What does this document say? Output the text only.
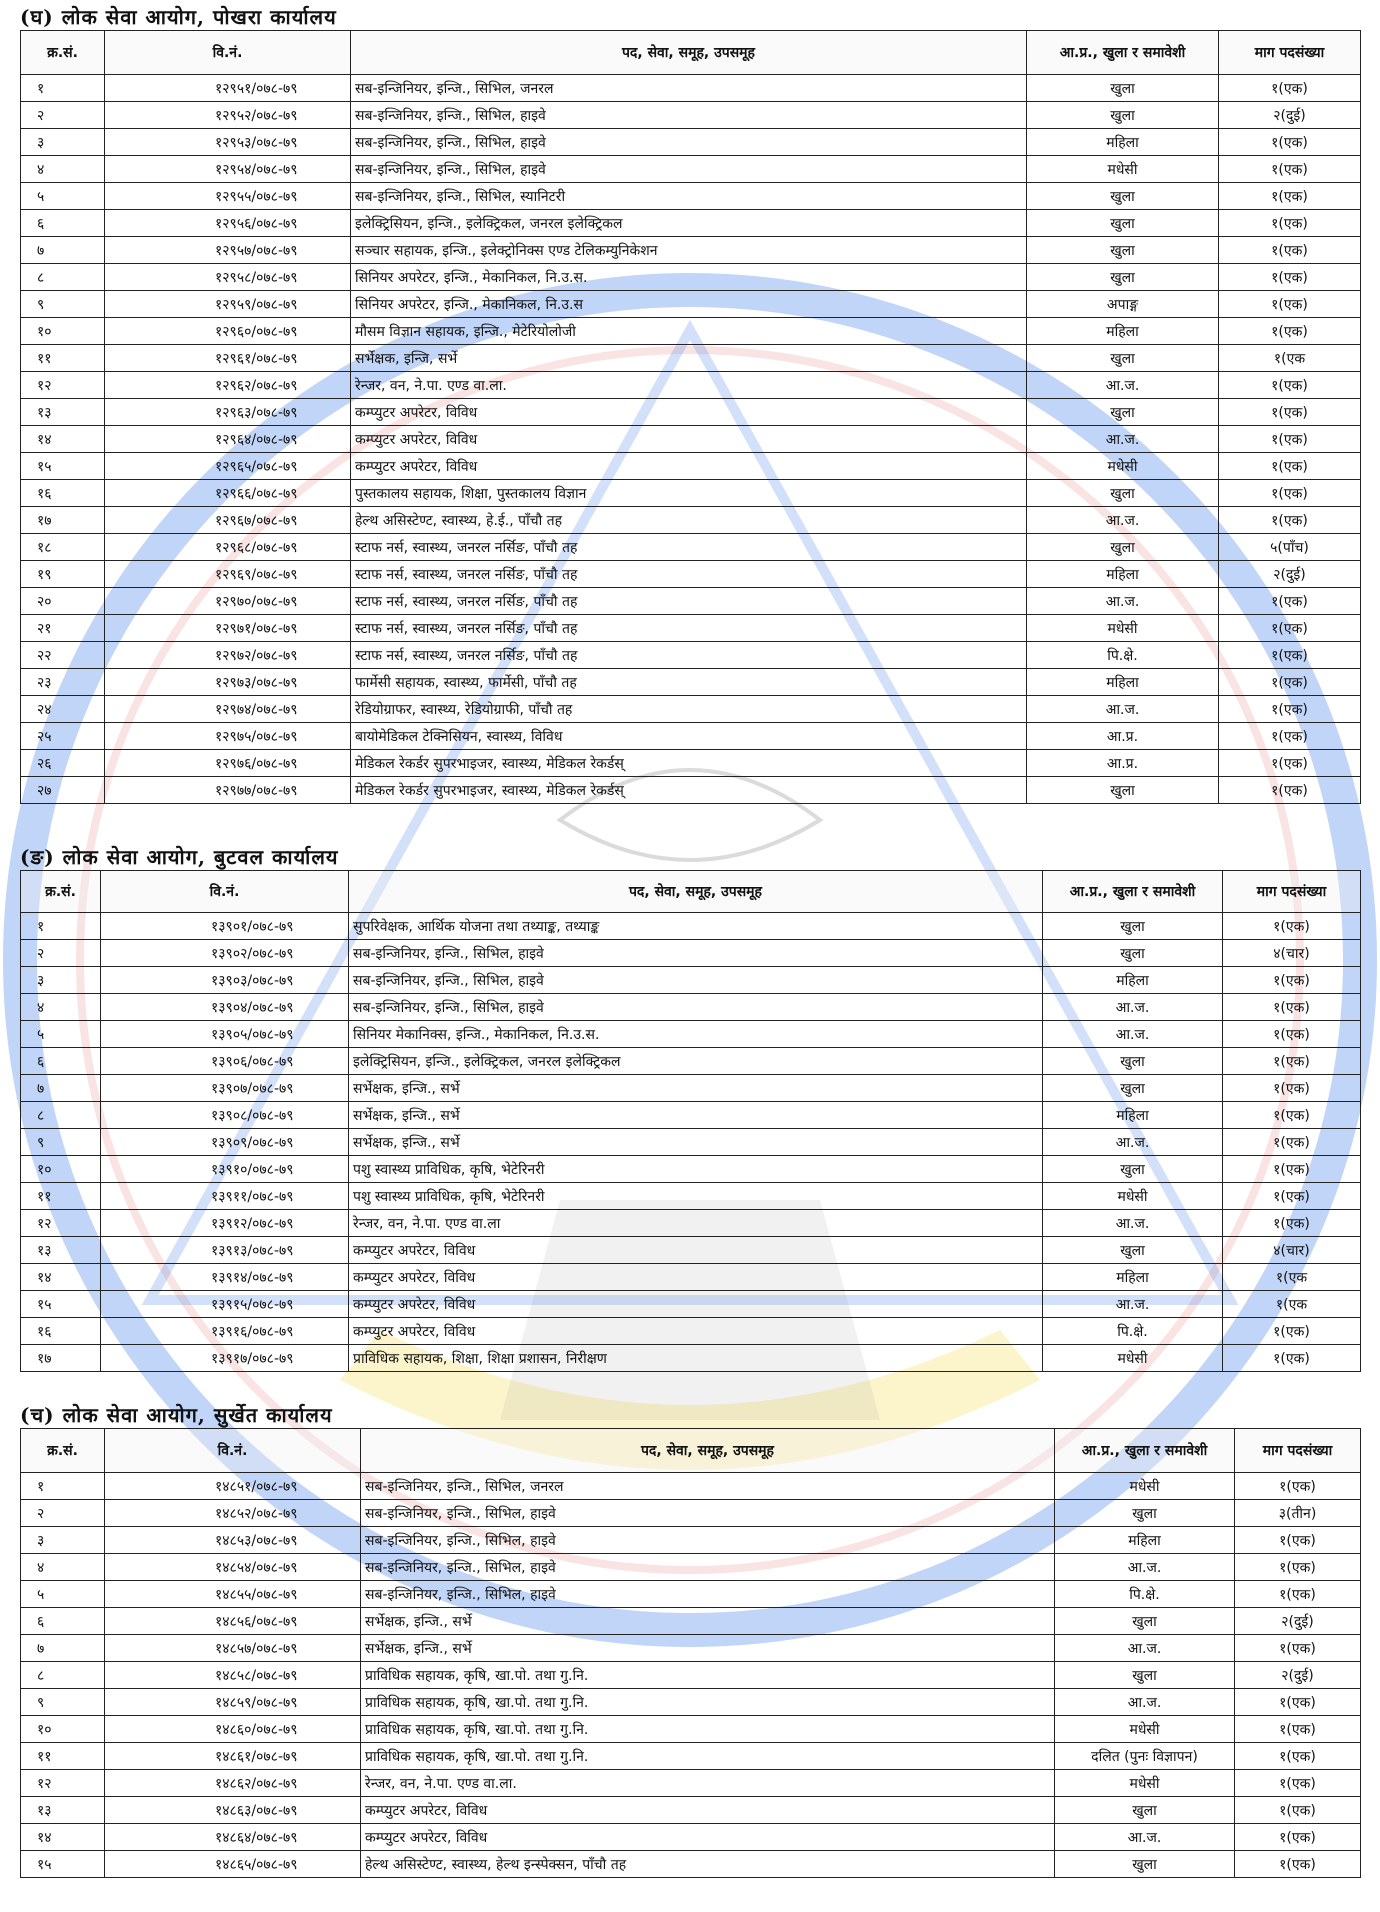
(घ) लोक सेवा आयोग, पोखरा कार्यालय
क्र.सं.	वि.नं.	पद, सेवा, समूह, उपसमूह	आ.प्र., खुला र समावेशी	माग पदसंख्या
१	१२९५१/०७८-७९	सब-इन्जिनियर, इन्जि., सिभिल, जनरल	खुला	१(एक)
२	१२९५२/०७८-७९	सब-इन्जिनियर, इन्जि., सिभिल, हाइवे	खुला	२(दुई)
३	१२९५३/०७८-७९	सब-इन्जिनियर, इन्जि., सिभिल, हाइवे	महिला	१(एक)
४	१२९५४/०७८-७९	सब-इन्जिनियर, इन्जि., सिभिल, हाइवे	मधेसी	१(एक)
५	१२९५५/०७८-७९	सब-इन्जिनियर, इन्जि., सिभिल, स्यानिटरी	खुला	१(एक)
६	१२९५६/०७८-७९	इलेक्ट्रिसियन, इन्जि., इलेक्ट्रिकल, जनरल इलेक्ट्रिकल	खुला	१(एक)
७	१२९५७/०७८-७९	सञ्चार सहायक, इन्जि., इलेक्ट्रोनिक्स एण्ड टेलिकम्युनिकेशन	खुला	१(एक)
८	१२९५८/०७८-७९	सिनियर अपरेटर, इन्जि., मेकानिकल, नि.उ.स.	खुला	१(एक)
९	१२९५९/०७८-७९	सिनियर अपरेटर, इन्जि., मेकानिकल, नि.उ.स	अपाङ्ग	१(एक)
१०	१२९६०/०७८-७९	मौसम विज्ञान सहायक, इन्जि., मेटेरियोलोजी	महिला	१(एक)
११	१२९६१/०७८-७९	सर्भेक्षक, इन्जि, सर्भे	खुला	१(एक
१२	१२९६२/०७८-७९	रेन्जर, वन, ने.पा. एण्ड वा.ला.	आ.ज.	१(एक)
१३	१२९६३/०७८-७९	कम्प्युटर अपरेटर, विविध	खुला	१(एक)
१४	१२९६४/०७८-७९	कम्प्युटर अपरेटर, विविध	आ.ज.	१(एक)
१५	१२९६५/०७८-७९	कम्प्युटर अपरेटर, विविध	मधेसी	१(एक)
१६	१२९६६/०७८-७९	पुस्तकालय सहायक, शिक्षा, पुस्तकालय विज्ञान	खुला	१(एक)
१७	१२९६७/०७८-७९	हेल्थ असिस्टेण्ट, स्वास्थ्य, हे.ई., पाँचौ तह	आ.ज.	१(एक)
१८	१२९६८/०७८-७९	स्टाफ नर्स, स्वास्थ्य, जनरल नर्सिङ, पाँचौ तह	खुला	५(पाँच)
१९	१२९६९/०७८-७९	स्टाफ नर्स, स्वास्थ्य, जनरल नर्सिङ, पाँचौ तह	महिला	२(दुई)
२०	१२९७०/०७८-७९	स्टाफ नर्स, स्वास्थ्य, जनरल नर्सिङ, पाँचौ तह	आ.ज.	१(एक)
२१	१२९७१/०७८-७९	स्टाफ नर्स, स्वास्थ्य, जनरल नर्सिङ, पाँचौ तह	मधेसी	१(एक)
२२	१२९७२/०७८-७९	स्टाफ नर्स, स्वास्थ्य, जनरल नर्सिङ, पाँचौ तह	पि.क्षे.	१(एक)
२३	१२९७३/०७८-७९	फार्मेसी सहायक, स्वास्थ्य, फार्मेसी, पाँचौ तह	महिला	१(एक)
२४	१२९७४/०७८-७९	रेडियोग्राफर, स्वास्थ्य, रेडियोग्राफी, पाँचौ तह	आ.ज.	१(एक)
२५	१२९७५/०७८-७९	बायोमेडिकल टेक्निसियन, स्वास्थ्य, विविध	आ.प्र.	१(एक)
२६	१२९७६/०७८-७९	मेडिकल रेकर्डर सुपरभाइजर, स्वास्थ्य, मेडिकल रेकर्डस्	आ.प्र.	१(एक)
२७	१२९७७/०७८-७९	मेडिकल रेकर्डर सुपरभाइजर, स्वास्थ्य, मेडिकल रेकर्डस्	खुला	१(एक)
(ङ) लोक सेवा आयोग, बुटवल कार्यालय
क्र.सं.	वि.नं.	पद, सेवा, समूह, उपसमूह	आ.प्र., खुला र समावेशी	माग पदसंख्या
१	१३९०१/०७८-७९	सुपरिवेक्षक, आर्थिक योजना तथा तथ्याङ्क, तथ्याङ्क	खुला	१(एक)
२	१३९०२/०७८-७९	सब-इन्जिनियर, इन्जि., सिभिल, हाइवे	खुला	४(चार)
३	१३९०३/०७८-७९	सब-इन्जिनियर, इन्जि., सिभिल, हाइवे	महिला	१(एक)
४	१३९०४/०७८-७९	सब-इन्जिनियर, इन्जि., सिभिल, हाइवे	आ.ज.	१(एक)
५	१३९०५/०७८-७९	सिनियर मेकानिक्स, इन्जि., मेकानिकल, नि.उ.स.	आ.ज.	१(एक)
६	१३९०६/०७८-७९	इलेक्ट्रिसियन, इन्जि., इलेक्ट्रिकल, जनरल इलेक्ट्रिकल	खुला	१(एक)
७	१३९०७/०७८-७९	सर्भेक्षक, इन्जि., सर्भे	खुला	१(एक)
८	१३९०८/०७८-७९	सर्भेक्षक, इन्जि., सर्भे	महिला	१(एक)
९	१३९०९/०७८-७९	सर्भेक्षक, इन्जि., सर्भे	आ.ज.	१(एक)
१०	१३९१०/०७८-७९	पशु स्वास्थ्य प्राविधिक, कृषि, भेटेरिनरी	खुला	१(एक)
११	१३९११/०७८-७९	पशु स्वास्थ्य प्राविधिक, कृषि, भेटेरिनरी	मधेसी	१(एक)
१२	१३९१२/०७८-७९	रेन्जर, वन, ने.पा. एण्ड वा.ला	आ.ज.	१(एक)
१३	१३९१३/०७८-७९	कम्प्युटर अपरेटर, विविध	खुला	४(चार)
१४	१३९१४/०७८-७९	कम्प्युटर अपरेटर, विविध	महिला	१(एक
१५	१३९१५/०७८-७९	कम्प्युटर अपरेटर, विविध	आ.ज.	१(एक
१६	१३९१६/०७८-७९	कम्प्युटर अपरेटर, विविध	पि.क्षे.	१(एक)
१७	१३९१७/०७८-७९	प्राविधिक सहायक, शिक्षा, शिक्षा प्रशासन, निरीक्षण	मधेसी	१(एक)
(च) लोक सेवा आयोग, सुर्खेत कार्यालय
क्र.सं.	वि.नं.	पद, सेवा, समूह, उपसमूह	आ.प्र., खुला र समावेशी	माग पदसंख्या
१	१४८५१/०७८-७९	सब-इन्जिनियर, इन्जि., सिभिल, जनरल	मधेसी	१(एक)
२	१४८५२/०७८-७९	सब-इन्जिनियर, इन्जि., सिभिल, हाइवे	खुला	३(तीन)
३	१४८५३/०७८-७९	सब-इन्जिनियर, इन्जि., सिभिल, हाइवे	महिला	१(एक)
४	१४८५४/०७८-७९	सब-इन्जिनियर, इन्जि., सिभिल, हाइवे	आ.ज.	१(एक)
५	१४८५५/०७८-७९	सब-इन्जिनियर, इन्जि., सिभिल, हाइवे	पि.क्षे.	१(एक)
६	१४८५६/०७८-७९	सर्भेक्षक, इन्जि., सर्भे	खुला	२(दुई)
७	१४८५७/०७८-७९	सर्भेक्षक, इन्जि., सर्भे	आ.ज.	१(एक)
८	१४८५८/०७८-७९	प्राविधिक सहायक, कृषि, खा.पो. तथा गु.नि.	खुला	२(दुई)
९	१४८५९/०७८-७९	प्राविधिक सहायक, कृषि, खा.पो. तथा गु.नि.	आ.ज.	१(एक)
१०	१४८६०/०७८-७९	प्राविधिक सहायक, कृषि, खा.पो. तथा गु.नि.	मधेसी	१(एक)
११	१४८६१/०७८-७९	प्राविधिक सहायक, कृषि, खा.पो. तथा गु.नि.	दलित (पुनः विज्ञापन)	१(एक)
१२	१४८६२/०७८-७९	रेन्जर, वन, ने.पा. एण्ड वा.ला.	मधेसी	१(एक)
१३	१४८६३/०७८-७९	कम्प्युटर अपरेटर, विविध	खुला	१(एक)
१४	१४८६४/०७८-७९	कम्प्युटर अपरेटर, विविध	आ.ज.	१(एक)
१५	१४८६५/०७८-७९	हेल्थ असिस्टेण्ट, स्वास्थ्य, हेल्थ इन्स्पेक्सन, पाँचौ तह	खुला	१(एक)
